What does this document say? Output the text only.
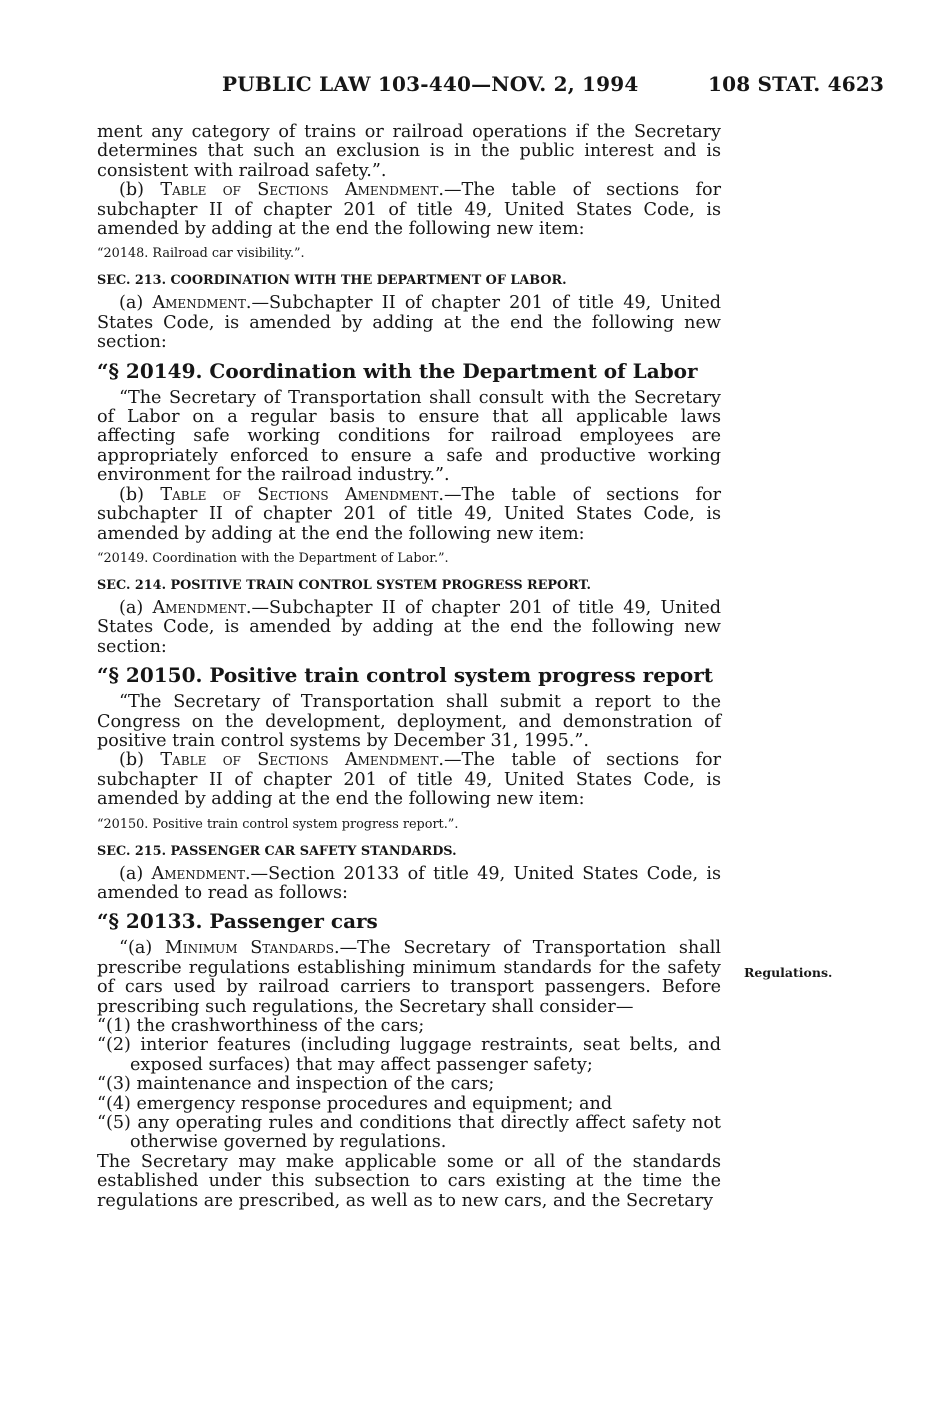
PUBLIC LAW 103-440—NOV. 2, 1994	108 STAT. 4623
Regulations.

ment any category of trains or railroad operations if the Secretary determines that such an exclusion is in the public interest and is consistent with railroad safety.”.

(b) Table of Sections Amendment.—The table of sections for subchapter II of chapter 201 of title 49, United States Code, is amended by adding at the end the following new item:

“20148. Railroad car visibility.”.

SEC. 213. COORDINATION WITH THE DEPARTMENT OF LABOR.

(a) Amendment.—Subchapter II of chapter 201 of title 49, United States Code, is amended by adding at the end the following new section:

“§ 20149. Coordination with the Department of Labor

“The Secretary of Transportation shall consult with the Secretary of Labor on a regular basis to ensure that all applicable laws affecting safe working conditions for railroad employees are appropriately enforced to ensure a safe and productive working environment for the railroad industry.”.

(b) Table of Sections Amendment.—The table of sections for subchapter II of chapter 201 of title 49, United States Code, is amended by adding at the end the following new item:

“20149. Coordination with the Department of Labor.”.

SEC. 214. POSITIVE TRAIN CONTROL SYSTEM PROGRESS REPORT.

(a) Amendment.—Subchapter II of chapter 201 of title 49, United States Code, is amended by adding at the end the following new section:

“§ 20150. Positive train control system progress report

“The Secretary of Transportation shall submit a report to the Congress on the development, deployment, and demonstration of positive train control systems by December 31, 1995.”.

(b) Table of Sections Amendment.—The table of sections for subchapter II of chapter 201 of title 49, United States Code, is amended by adding at the end the following new item:

“20150. Positive train control system progress report.”.

SEC. 215. PASSENGER CAR SAFETY STANDARDS.

(a) Amendment.—Section 20133 of title 49, United States Code, is amended to read as follows:

“§ 20133. Passenger cars

“(a) Minimum Standards.—The Secretary of Transportation shall prescribe regulations establishing minimum standards for the safety of cars used by railroad carriers to transport passengers. Before prescribing such regulations, the Secretary shall consider—

“(1) the crashworthiness of the cars;

“(2) interior features (including luggage restraints, seat belts, and exposed surfaces) that may affect passenger safety;

“(3) maintenance and inspection of the cars;

“(4) emergency response procedures and equipment; and

“(5) any operating rules and conditions that directly affect safety not otherwise governed by regulations.

The Secretary may make applicable some or all of the standards established under this subsection to cars existing at the time the regulations are prescribed, as well as to new cars, and the Secretary
